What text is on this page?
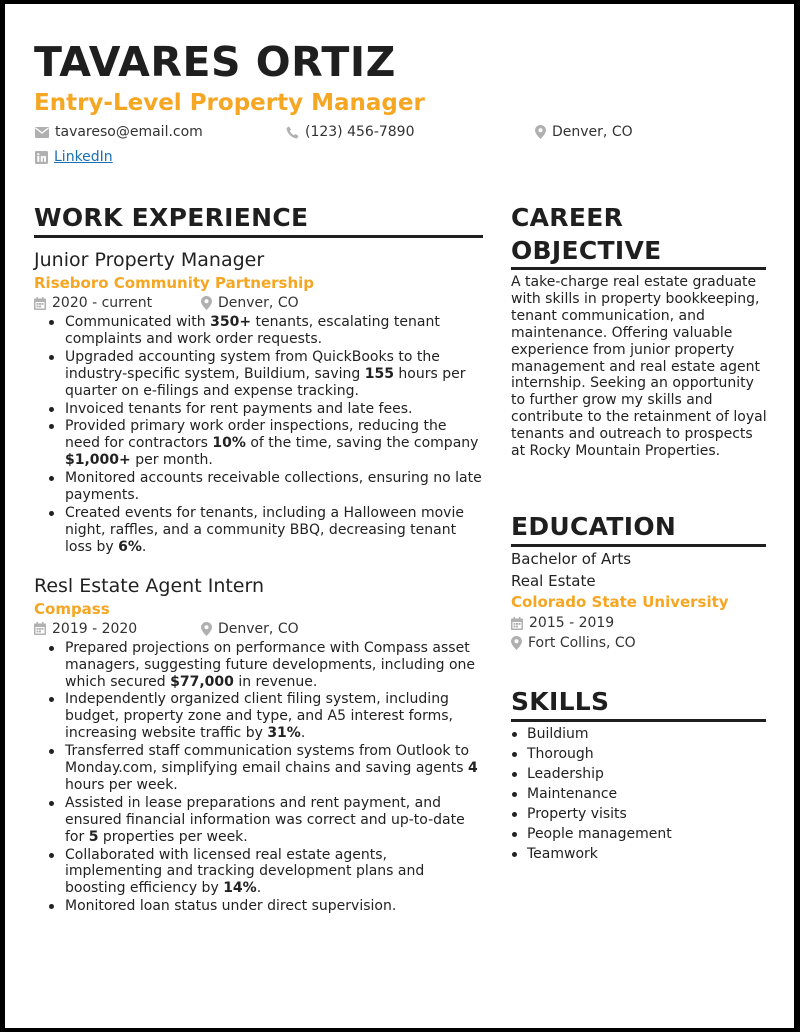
TAVARES ORTIZ
Entry-Level Property Manager
tavareso@email.com	(123) 456-7890	Denver, CO
LinkedIn
WORK EXPERIENCE
Junior Property Manager
Riseboro Community Partnership
2020 - current	Denver, CO
Communicated with 350+ tenants, escalating tenant complaints and work order requests.
Upgraded accounting system from QuickBooks to the industry-specific system, Buildium, saving 155 hours per quarter on e-filings and expense tracking.
Invoiced tenants for rent payments and late fees.
Provided primary work order inspections, reducing the need for contractors 10% of the time, saving the company $1,000+ per month.
Monitored accounts receivable collections, ensuring no late payments.
Created events for tenants, including a Halloween movie night, raffles, and a community BBQ, decreasing tenant loss by 6%.
Resl Estate Agent Intern
Compass
2019 - 2020	Denver, CO
Prepared projections on performance with Compass asset managers, suggesting future developments, including one which secured $77,000 in revenue.
Independently organized client filing system, including budget, property zone and type, and A5 interest forms, increasing website traffic by 31%.
Transferred staff communication systems from Outlook to Monday.com, simplifying email chains and saving agents 4 hours per week.
Assisted in lease preparations and rent payment, and ensured financial information was correct and up-to-date for 5 properties per week.
Collaborated with licensed real estate agents, implementing and tracking development plans and boosting efficiency by 14%.
Monitored loan status under direct supervision.
CAREER
OBJECTIVE
A take-charge real estate graduate with skills in property bookkeeping, tenant communication, and maintenance. Offering valuable experience from junior property management and real estate agent internship. Seeking an opportunity to further grow my skills and contribute to the retainment of loyal tenants and outreach to prospects at Rocky Mountain Properties.
EDUCATION
Bachelor of Arts
Real Estate
Colorado State University
2015 - 2019
Fort Collins, CO
SKILLS
Buildium
Thorough
Leadership
Maintenance
Property visits
People management
Teamwork
